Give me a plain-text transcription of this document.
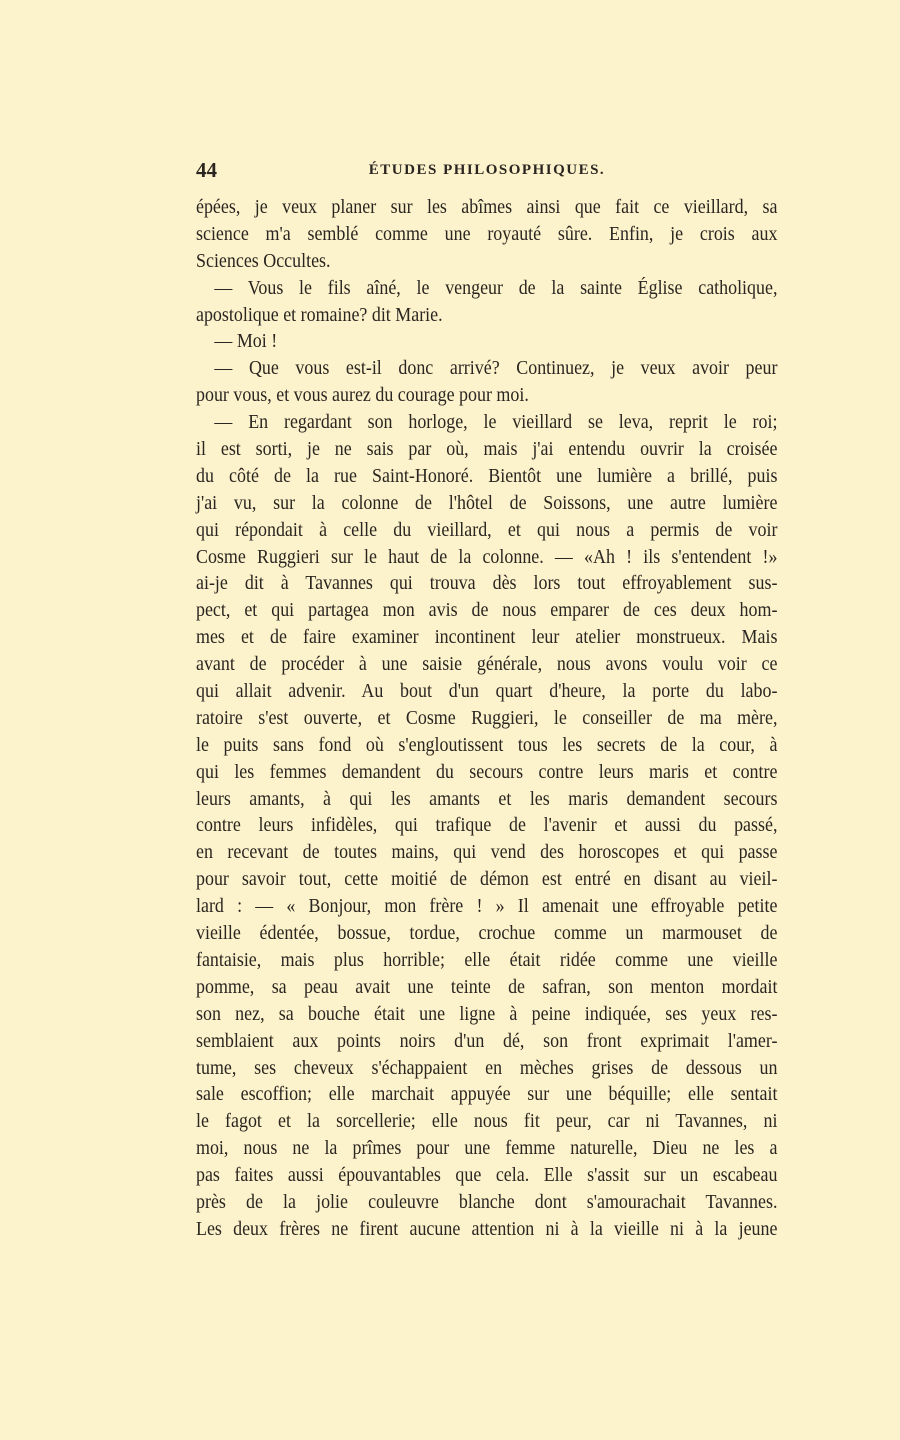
44	ÉTUDES PHILOSOPHIQUES.
épées, je veux planer sur les abîmes ainsi que fait ce vieillard, sa
science m'a semblé comme une royauté sûre. Enfin, je crois aux
Sciences Occultes.
— Vous le fils aîné, le vengeur de la sainte Église catholique,
apostolique et romaine? dit Marie.
— Moi !
— Que vous est-il donc arrivé? Continuez, je veux avoir peur
pour vous, et vous aurez du courage pour moi.
— En regardant son horloge, le vieillard se leva, reprit le roi;
il est sorti, je ne sais par où, mais j'ai entendu ouvrir la croisée
du côté de la rue Saint-Honoré. Bientôt une lumière a brillé, puis
j'ai vu, sur la colonne de l'hôtel de Soissons, une autre lumière
qui répondait à celle du vieillard, et qui nous a permis de voir
Cosme Ruggieri sur le haut de la colonne. — «Ah ! ils s'entendent !»
ai-je dit à Tavannes qui trouva dès lors tout effroyablement sus-
pect, et qui partagea mon avis de nous emparer de ces deux hom-
mes et de faire examiner incontinent leur atelier monstrueux. Mais
avant de procéder à une saisie générale, nous avons voulu voir ce
qui allait advenir. Au bout d'un quart d'heure, la porte du labo-
ratoire s'est ouverte, et Cosme Ruggieri, le conseiller de ma mère,
le puits sans fond où s'engloutissent tous les secrets de la cour, à
qui les femmes demandent du secours contre leurs maris et contre
leurs amants, à qui les amants et les maris demandent secours
contre leurs infidèles, qui trafique de l'avenir et aussi du passé,
en recevant de toutes mains, qui vend des horoscopes et qui passe
pour savoir tout, cette moitié de démon est entré en disant au vieil-
lard : — « Bonjour, mon frère ! » Il amenait une effroyable petite
vieille édentée, bossue, tordue, crochue comme un marmouset de
fantaisie, mais plus horrible; elle était ridée comme une vieille
pomme, sa peau avait une teinte de safran, son menton mordait
son nez, sa bouche était une ligne à peine indiquée, ses yeux res-
semblaient aux points noirs d'un dé, son front exprimait l'amer-
tume, ses cheveux s'échappaient en mèches grises de dessous un
sale escoffion; elle marchait appuyée sur une béquille; elle sentait
le fagot et la sorcellerie; elle nous fit peur, car ni Tavannes, ni
moi, nous ne la prîmes pour une femme naturelle, Dieu ne les a
pas faites aussi épouvantables que cela. Elle s'assit sur un escabeau
près de la jolie couleuvre blanche dont s'amourachait Tavannes.
Les deux frères ne firent aucune attention ni à la vieille ni à la jeune
